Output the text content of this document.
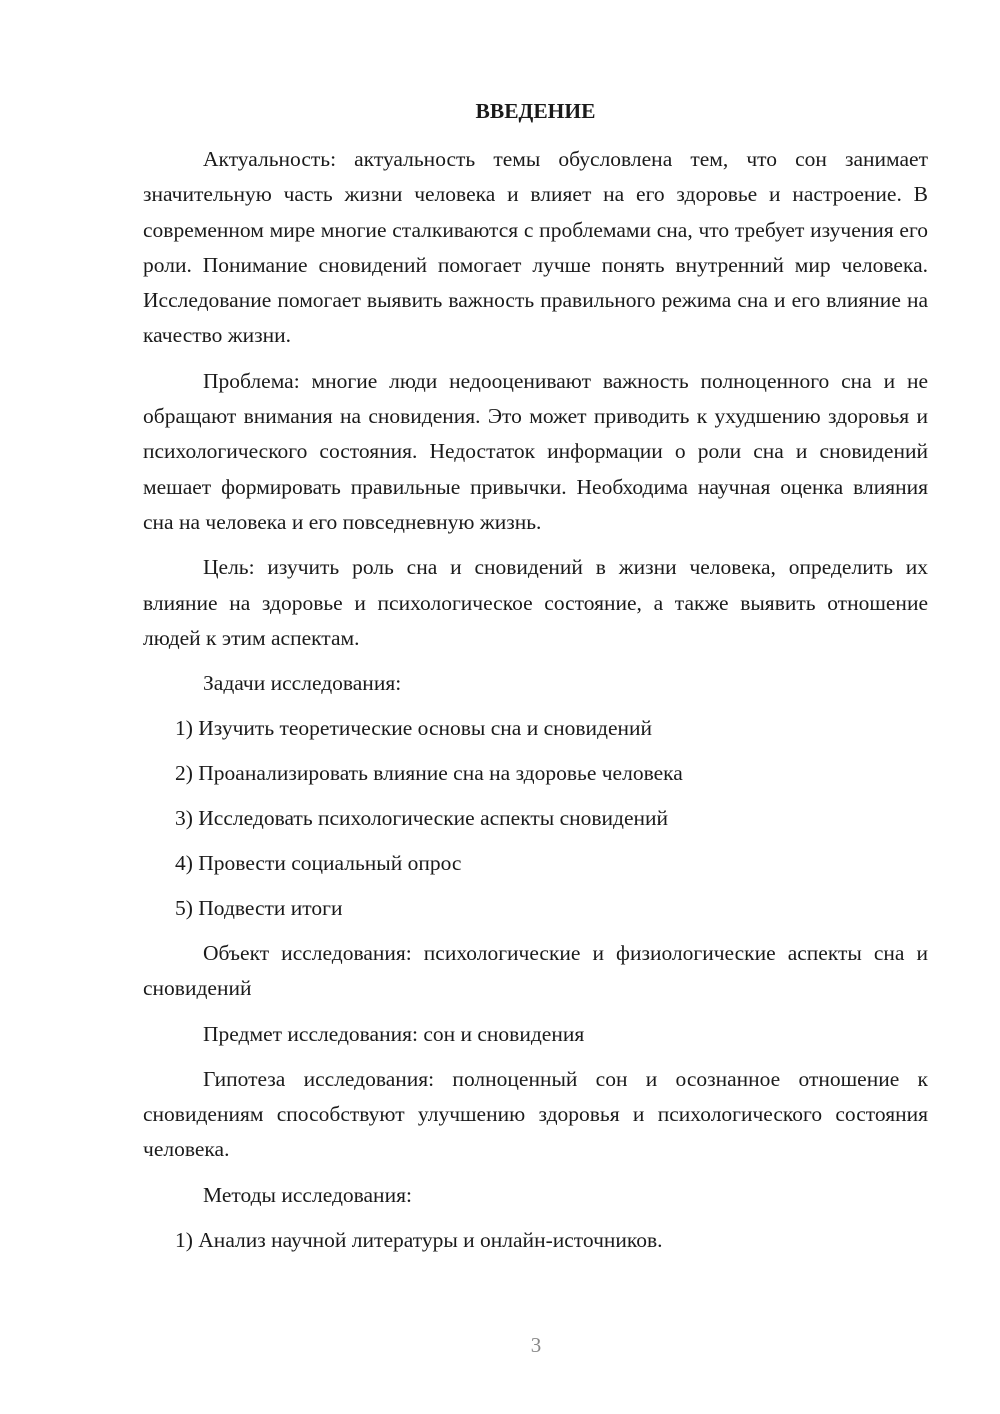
ВВЕДЕНИЕ

Актуальность: актуальность темы обусловлена тем, что сон занимает значительную часть жизни человека и влияет на его здоровье и настроение. В современном мире многие сталкиваются с проблемами сна, что требует изучения его роли. Понимание сновидений помогает лучше понять внутренний мир человека. Исследование помогает выявить важность правильного режима сна и его влияние на качество жизни.

Проблема: многие люди недооценивают важность полноценного сна и не обращают внимания на сновидения. Это может приводить к ухудшению здоровья и психологического состояния. Недостаток информации о роли сна и сновидений мешает формировать правильные привычки. Необходима научная оценка влияния сна на человека и его повседневную жизнь.

Цель: изучить роль сна и сновидений в жизни человека, определить их влияние на здоровье и психологическое состояние, а также выявить отношение людей к этим аспектам.

Задачи исследования:

1) Изучить теоретические основы сна и сновидений
2) Проанализировать влияние сна на здоровье человека
3) Исследовать психологические аспекты сновидений
4) Провести социальный опрос
5) Подвести итоги

Объект исследования: психологические и физиологические аспекты сна и сновидений

Предмет исследования: сон и сновидения

Гипотеза исследования: полноценный сон и осознанное отношение к сновидениям способствуют улучшению здоровья и психологического состояния человека.

Методы исследования:

1) Анализ научной литературы и онлайн-источников.
3
